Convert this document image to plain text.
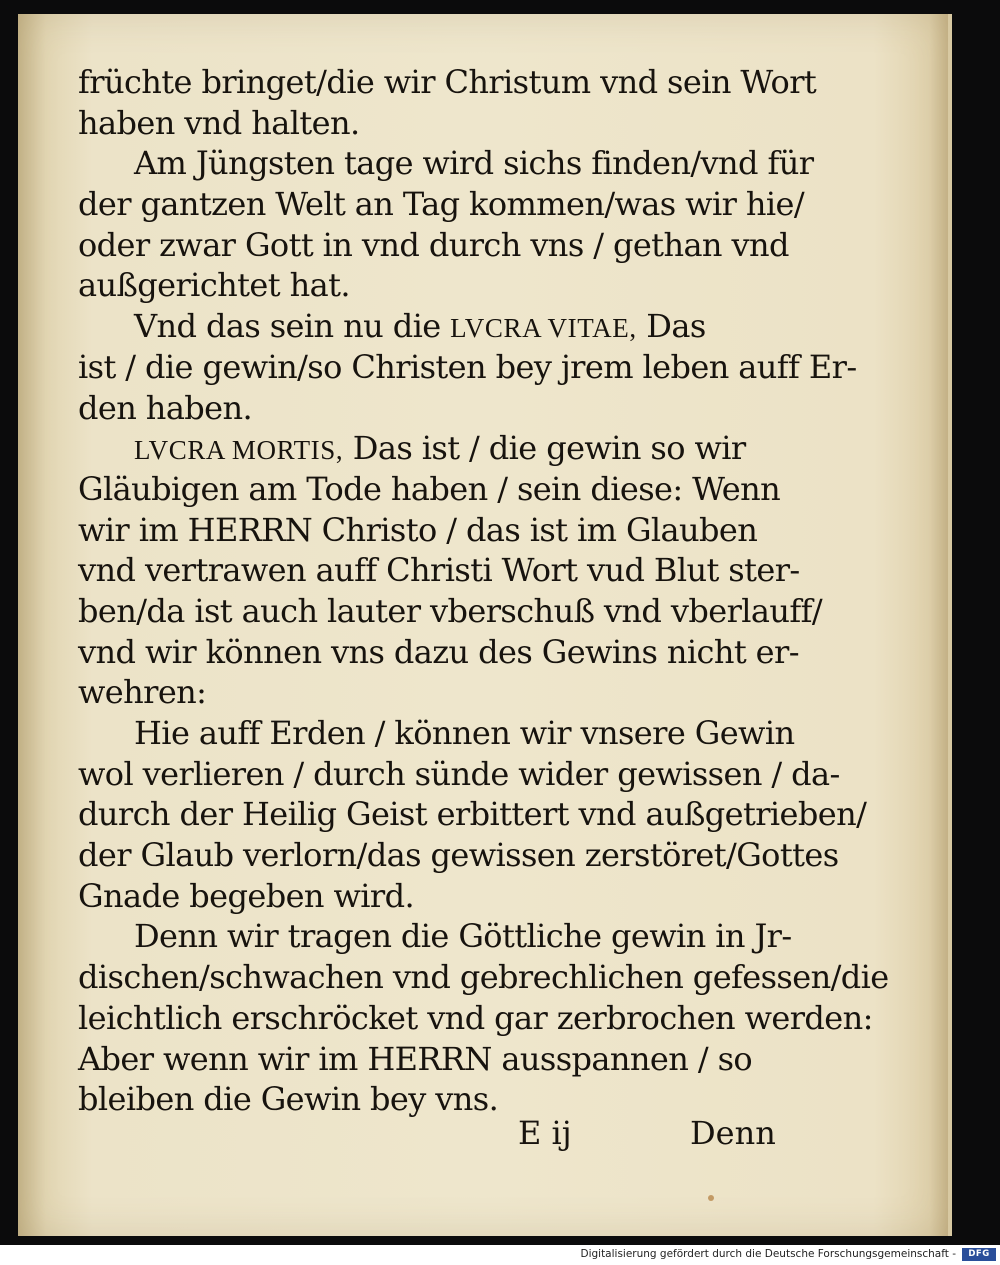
früchte bringet/die wir Christum vnd sein Wort
haben vnd halten.
Am Jüngsten tage wird sichs finden/vnd für
der gantzen Welt an Tag kommen/was wir hie/
oder zwar Gott in vnd durch vns / gethan vnd
außgerichtet hat.
Vnd das sein nu die LVCRA VITAE, Das
ist / die gewin/so Christen bey jrem leben auff Er-
den haben.
LVCRA MORTIS, Das ist / die gewin so wir
Gläubigen am Tode haben / sein diese: Wenn
wir im HERRN Christo / das ist im Glauben
vnd vertrawen auff Christi Wort vud Blut ster-
ben/da ist auch lauter vberschuß vnd vberlauff/
vnd wir können vns dazu des Gewins nicht er-
wehren:
Hie auff Erden / können wir vnsere Gewin
wol verlieren / durch sünde wider gewissen / da-
durch der Heilig Geist erbittert vnd außgetrieben/
der Glaub verlorn/das gewissen zerstöret/Gottes
Gnade begeben wird.
Denn wir tragen die Göttliche gewin in Jr-
dischen/schwachen vnd gebrechlichen gefessen/die
leichtlich erschröcket vnd gar zerbrochen werden:
Aber wenn wir im HERRN ausspannen / so
bleiben die Gewin bey vns.
E ij	Denn
Digitalisierung gefördert durch die Deutsche Forschungsgemeinschaft -	DFG
